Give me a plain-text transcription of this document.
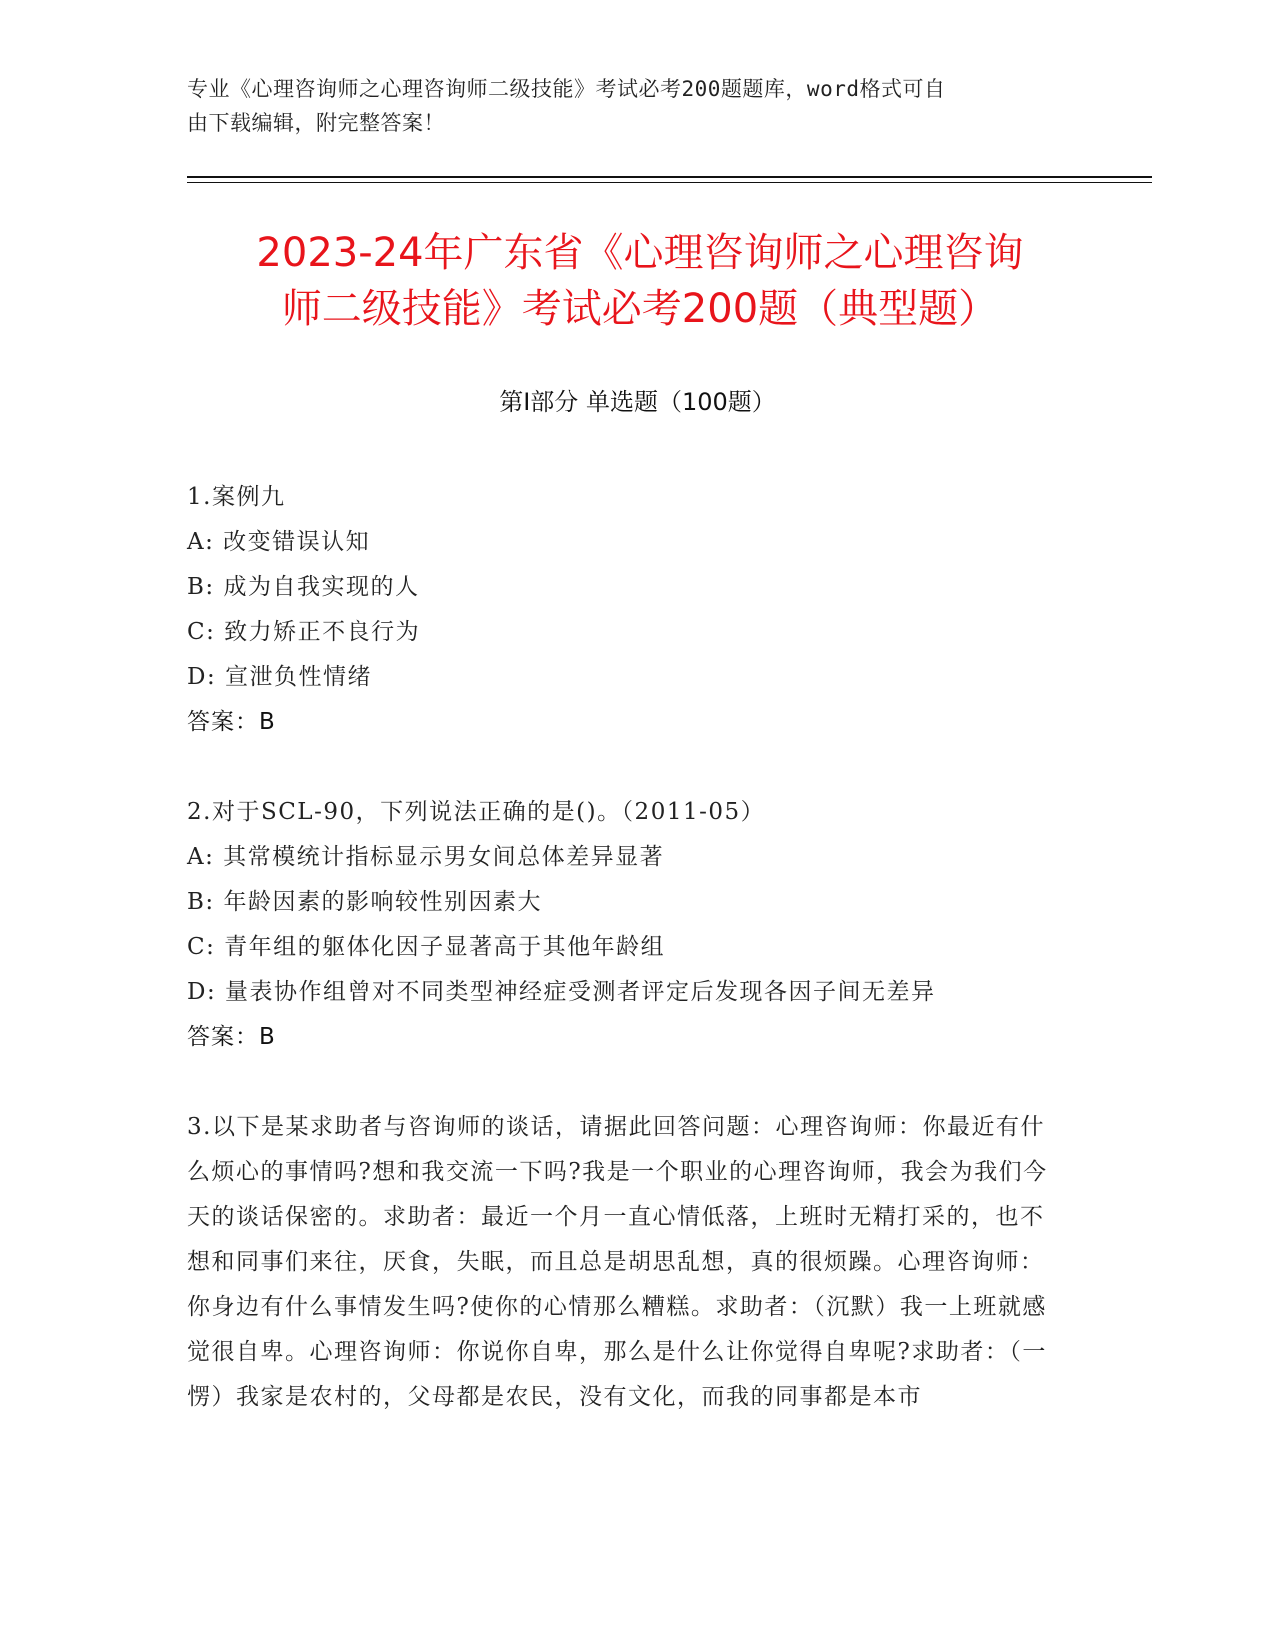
专业《心理咨询师之心理咨询师二级技能》考试必考200题题库，word格式可自
由下载编辑，附完整答案！
2023-24年广东省《心理咨询师之心理咨询
师二级技能》考试必考200题（典型题）
第Ⅰ部分 单选题（100题）
1.案例九
A: 改变错误认知
B: 成为自我实现的人
C: 致力矫正不良行为
D: 宣泄负性情绪
答案：B
2.对于SCL-90，下列说法正确的是()。（2011-05）
A: 其常模统计指标显示男女间总体差异显著
B: 年龄因素的影响较性别因素大
C: 青年组的躯体化因子显著高于其他年龄组
D: 量表协作组曾对不同类型神经症受测者评定后发现各因子间无差异
答案：B
3.以下是某求助者与咨询师的谈话，请据此回答问题：心理咨询师：你最近有什么烦心的事情吗?想和我交流一下吗?我是一个职业的心理咨询师，我会为我们今天的谈话保密的。求助者：最近一个月一直心情低落，上班时无精打采的，也不想和同事们来往，厌食，失眠，而且总是胡思乱想，真的很烦躁。心理咨询师：你身边有什么事情发生吗?使你的心情那么糟糕。求助者：（沉默）我一上班就感觉很自卑。心理咨询师：你说你自卑，那么是什么让你觉得自卑呢?求助者：（一愣）我家是农村的，父母都是农民，没有文化，而我的同事都是本市
